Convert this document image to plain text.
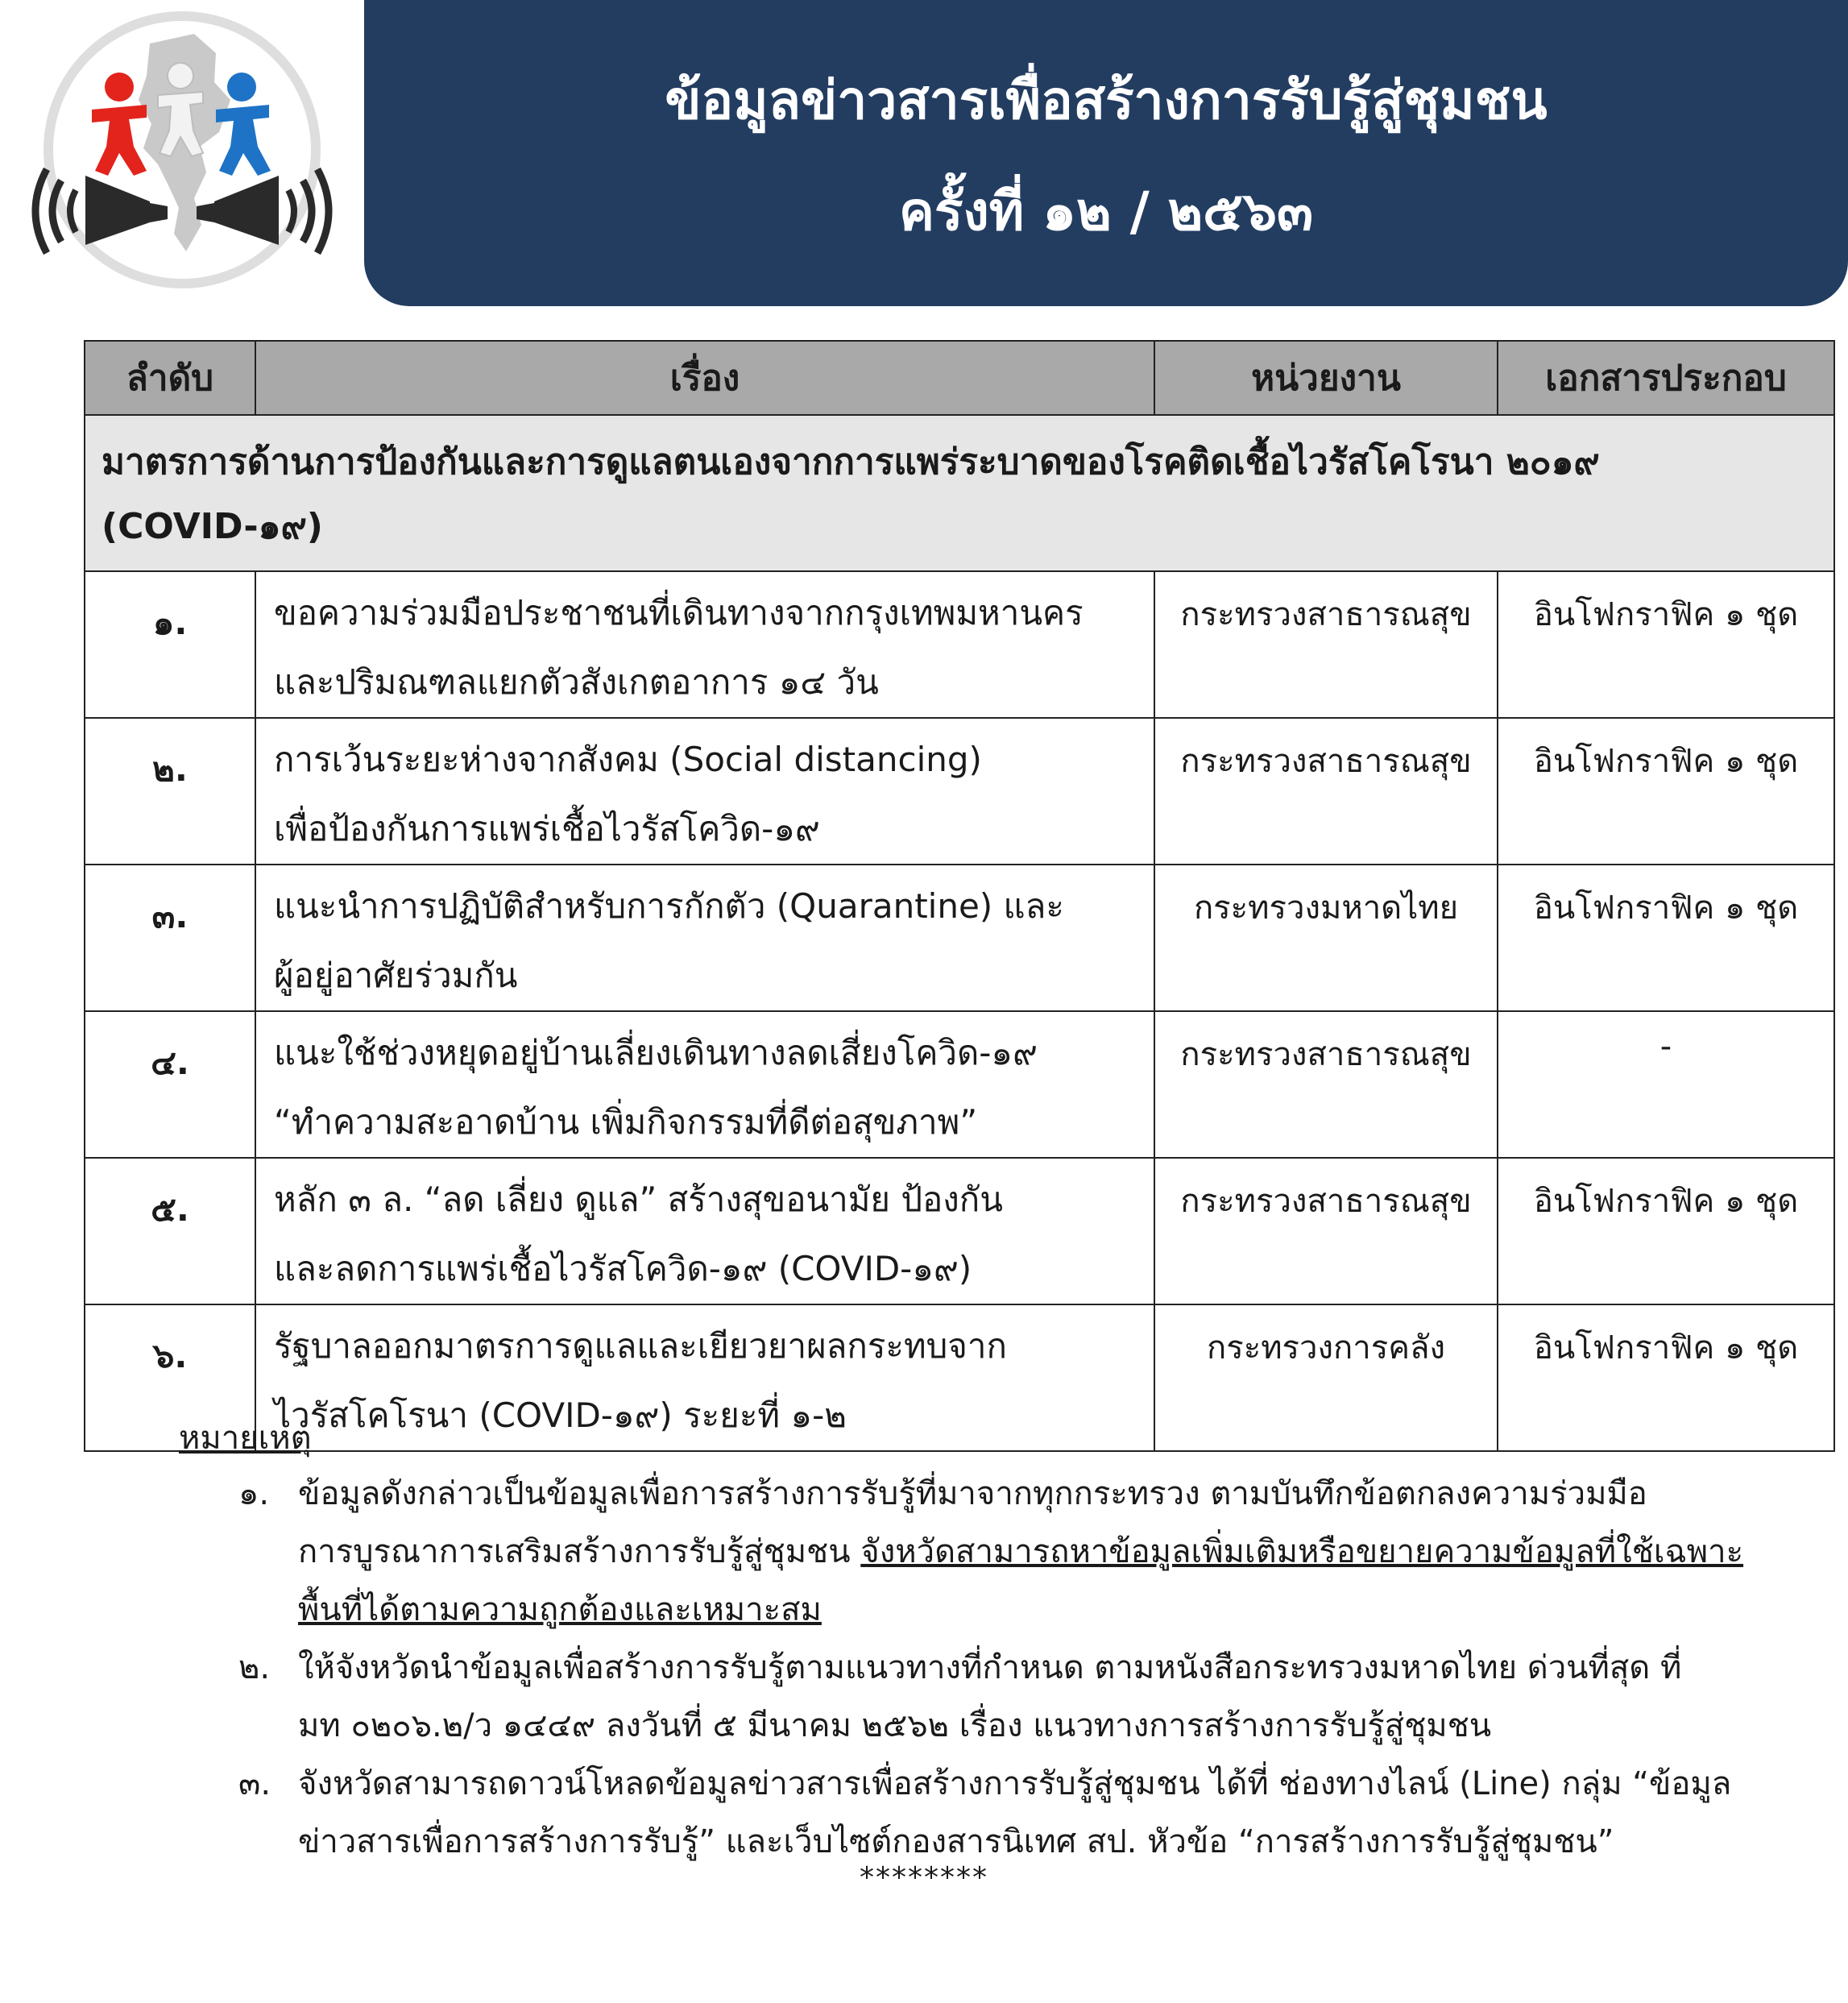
ข้อมูลข่าวสารเพื่อสร้างการรับรู้สู่ชุมชน
ครั้งที่ ๑๒ / ๒๕๖๓
ลำดับ	เรื่อง	หน่วยงาน	เอกสารประกอบ
มาตรการด้านการป้องกันและการดูแลตนเองจากการแพร่ระบาดของโรคติดเชื้อไวรัสโคโรนา ๒๐๑๙ (COVID-๑๙)			
๑.	ขอความร่วมมือประชาชนที่เดินทางจากกรุงเทพมหานคร
และปริมณฑลแยกตัวสังเกตอาการ ๑๔ วัน	กระทรวงสาธารณสุข	อินโฟกราฟิค ๑ ชุด
๒.	การเว้นระยะห่างจากสังคม (Social distancing)
เพื่อป้องกันการแพร่เชื้อไวรัสโควิด-๑๙	กระทรวงสาธารณสุข	อินโฟกราฟิค ๑ ชุด
๓.	แนะนำการปฏิบัติสำหรับการกักตัว (Quarantine) และ
ผู้อยู่อาศัยร่วมกัน	กระทรวงมหาดไทย	อินโฟกราฟิค ๑ ชุด
๔.	แนะใช้ช่วงหยุดอยู่บ้านเลี่ยงเดินทางลดเสี่ยงโควิด-๑๙
“ทำความสะอาดบ้าน เพิ่มกิจกรรมที่ดีต่อสุขภาพ”	กระทรวงสาธารณสุข	-
๕.	หลัก ๓ ล. “ลด เลี่ยง ดูแล” สร้างสุขอนามัย ป้องกัน
และลดการแพร่เชื้อไวรัสโควิด-๑๙ (COVID-๑๙)	กระทรวงสาธารณสุข	อินโฟกราฟิค ๑ ชุด
๖.	รัฐบาลออกมาตรการดูแลและเยียวยาผลกระทบจาก
ไวรัสโคโรนา (COVID-๑๙) ระยะที่ ๑-๒	กระทรวงการคลัง	อินโฟกราฟิค ๑ ชุด
หมายเหตุ
๑. ข้อมูลดังกล่าวเป็นข้อมูลเพื่อการสร้างการรับรู้ที่มาจากทุกกระทรวง ตามบันทึกข้อตกลงความร่วมมือ
การบูรณาการเสริมสร้างการรับรู้สู่ชุมชน จังหวัดสามารถหาข้อมูลเพิ่มเติมหรือขยายความข้อมูลที่ใช้เฉพาะ
พื้นที่ได้ตามความถูกต้องและเหมาะสม
๒. ให้จังหวัดนำข้อมูลเพื่อสร้างการรับรู้ตามแนวทางที่กำหนด ตามหนังสือกระทรวงมหาดไทย ด่วนที่สุด ที่
มท ๐๒๐๖.๒/ว ๑๔๔๙ ลงวันที่ ๕ มีนาคม ๒๕๖๒ เรื่อง แนวทางการสร้างการรับรู้สู่ชุมชน
๓. จังหวัดสามารถดาวน์โหลดข้อมูลข่าวสารเพื่อสร้างการรับรู้สู่ชุมชน ได้ที่ ช่องทางไลน์ (Line) กลุ่ม “ข้อมูล
ข่าวสารเพื่อการสร้างการรับรู้” และเว็บไซต์กองสารนิเทศ สป. หัวข้อ “การสร้างการรับรู้สู่ชุมชน”
********
